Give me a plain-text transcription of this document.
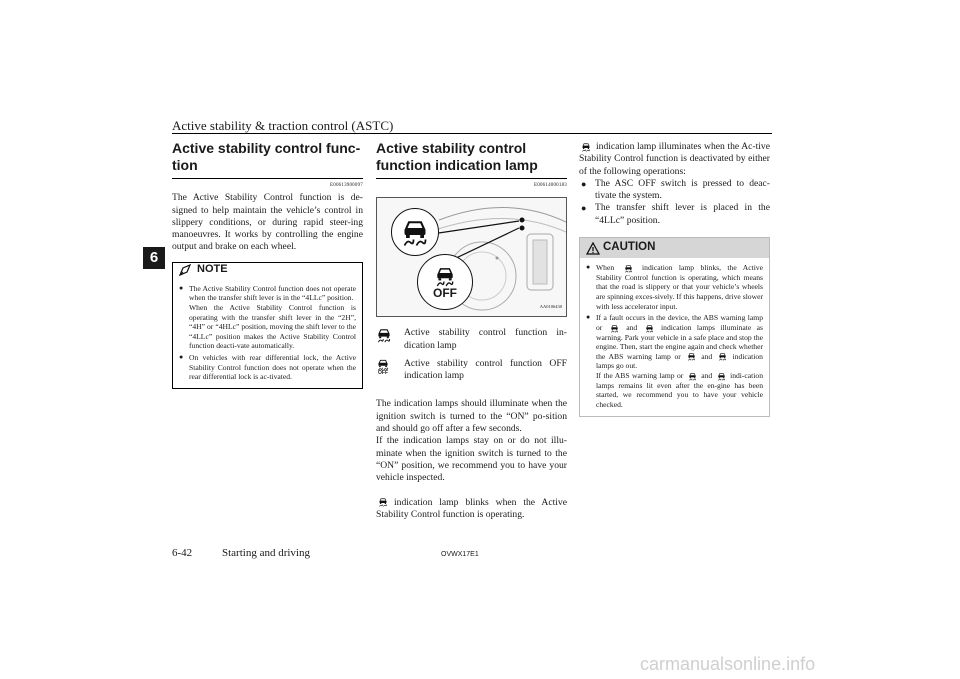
Active stability & traction control (ASTC)
6
Active stability control func-tion
E00613900097

The Active Stability Control function is de-signed to help maintain the vehicle’s control in slippery conditions, or during rapid steer-ing manoeuvres. It works by controlling the engine output and brake on each wheel.

NOTE
● The Active Stability Control function does not operate when the transfer shift lever is in the “4LLc” position.
When the Active Stability Control function is operating with the transfer shift lever in the “2H”, “4H” or “4HLc” position, moving the shift lever to the “4LLc” position makes the Active Stability Control function deacti-vate automatically.
● On vehicles with rear differential lock, the Active Stability Control function does not operate when the rear differential lock is ac-tivated.
Active stability control function indication lamp
E00614000183
OFF
AA0106430
Active stability control function in-dication lamp
OFF
Active stability control function OFF indication lamp

The indication lamps should illuminate when the ignition switch is turned to the “ON” po-sition and should go off after a few seconds.

If the indication lamps stay on or do not illu-minate when the ignition switch is turned to the “ON” position, we recommend you to have your vehicle inspected.

indication lamp blinks when the Active Stability Control function is operating.

indication lamp illuminates when the Ac-tive Stability Control function is deactivated by either of the following operations:

● The ASC OFF switch is pressed to deac-tivate the system.
● The transfer shift lever is placed in the “4LLc” position.
CAUTION
● When	indication lamp blinks, the Active Stability Control function is operating, which means that the road is slippery or that your vehicle’s wheels are spinning exces-sively. If this happens, drive slower with less accelerator input.
● If a fault occurs in the device, the ABS warning lamp or	and	indication lamps illuminate as warning. Park your vehicle in a safe place and stop the engine. Then, start the engine again and check whether the ABS warning lamp or	and	indication lamps go out.
If the ABS warning lamp or and indi-cation lamps remains lit even after the en-gine has been started, we recommend you to have your vehicle checked.
6-42	Starting and driving	OVWX17E1
carmanualsonline.info
